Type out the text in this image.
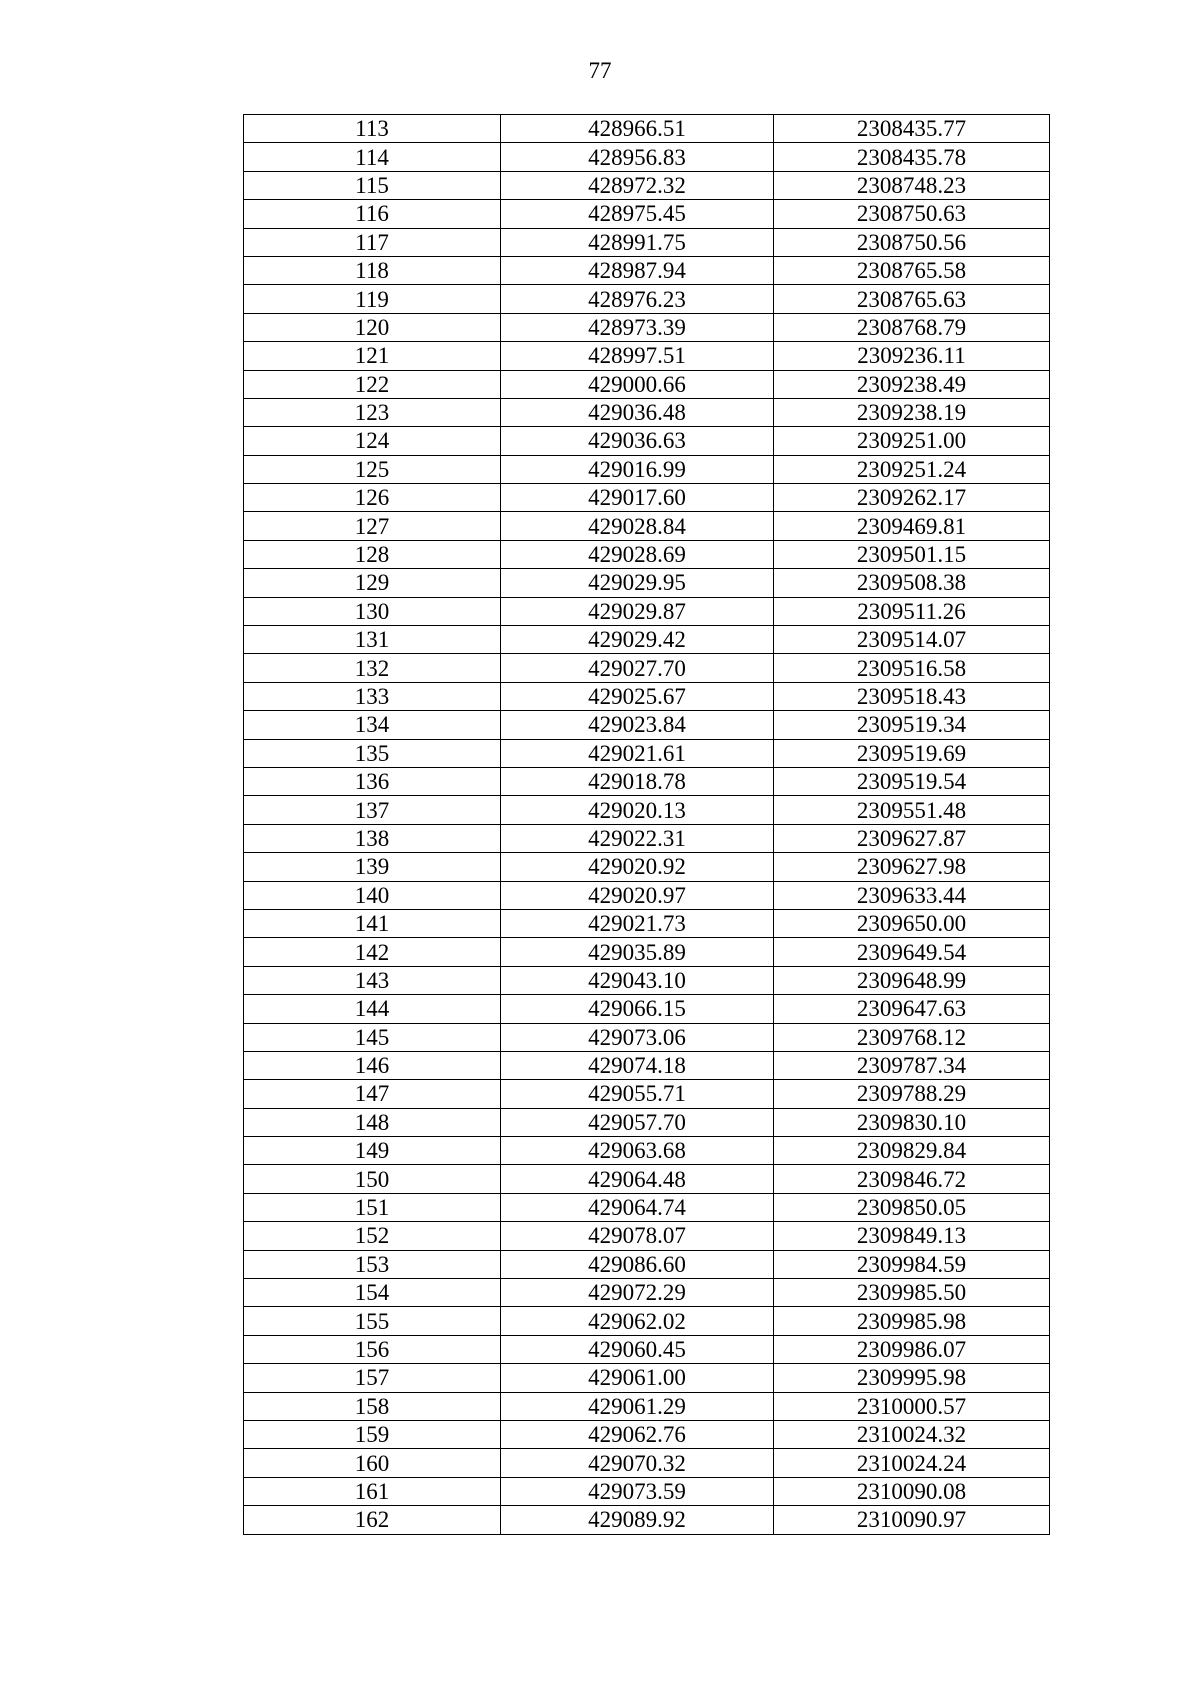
77
113	428966.51	2308435.77
114	428956.83	2308435.78
115	428972.32	2308748.23
116	428975.45	2308750.63
117	428991.75	2308750.56
118	428987.94	2308765.58
119	428976.23	2308765.63
120	428973.39	2308768.79
121	428997.51	2309236.11
122	429000.66	2309238.49
123	429036.48	2309238.19
124	429036.63	2309251.00
125	429016.99	2309251.24
126	429017.60	2309262.17
127	429028.84	2309469.81
128	429028.69	2309501.15
129	429029.95	2309508.38
130	429029.87	2309511.26
131	429029.42	2309514.07
132	429027.70	2309516.58
133	429025.67	2309518.43
134	429023.84	2309519.34
135	429021.61	2309519.69
136	429018.78	2309519.54
137	429020.13	2309551.48
138	429022.31	2309627.87
139	429020.92	2309627.98
140	429020.97	2309633.44
141	429021.73	2309650.00
142	429035.89	2309649.54
143	429043.10	2309648.99
144	429066.15	2309647.63
145	429073.06	2309768.12
146	429074.18	2309787.34
147	429055.71	2309788.29
148	429057.70	2309830.10
149	429063.68	2309829.84
150	429064.48	2309846.72
151	429064.74	2309850.05
152	429078.07	2309849.13
153	429086.60	2309984.59
154	429072.29	2309985.50
155	429062.02	2309985.98
156	429060.45	2309986.07
157	429061.00	2309995.98
158	429061.29	2310000.57
159	429062.76	2310024.32
160	429070.32	2310024.24
161	429073.59	2310090.08
162	429089.92	2310090.97
